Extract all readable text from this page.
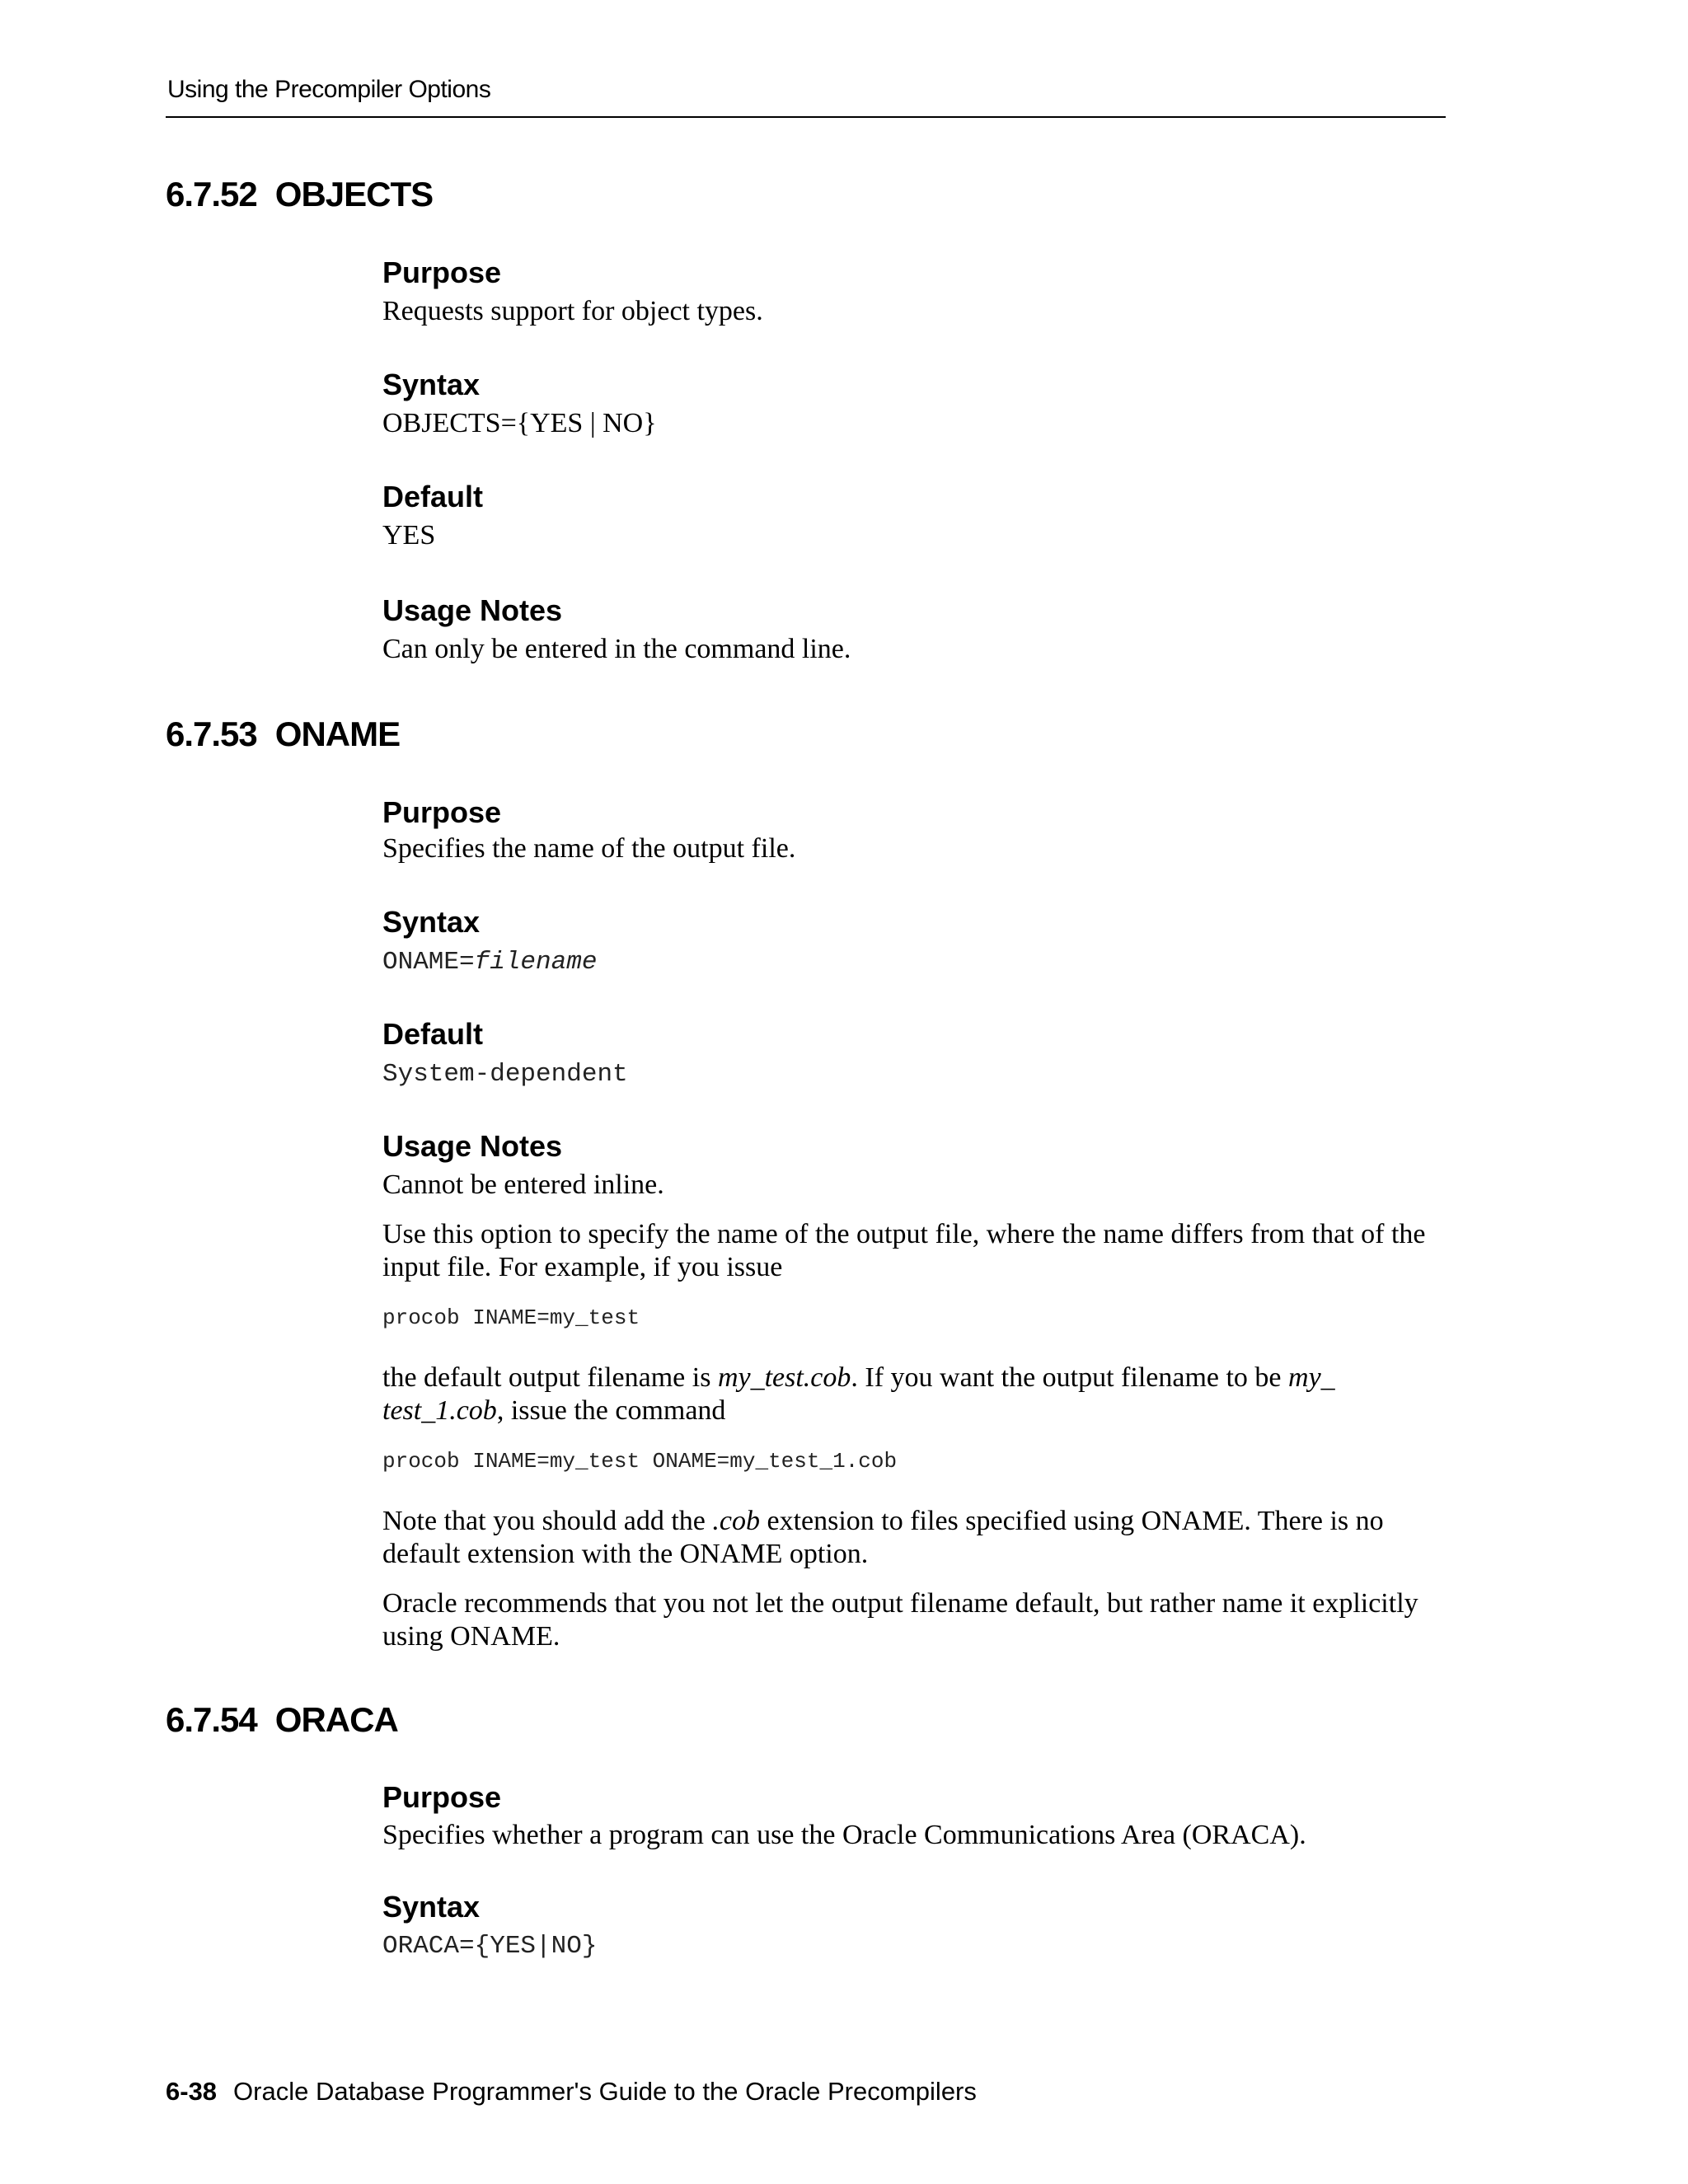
Using the Precompiler Options
6.7.52 OBJECTS
Purpose
Requests support for object types.
Syntax
OBJECTS={YES | NO}
Default
YES
Usage Notes
Can only be entered in the command line.
6.7.53 ONAME
Purpose
Specifies the name of the output file.
Syntax
ONAME=filename
Default
System-dependent
Usage Notes
Cannot be entered inline.
Use this option to specify the name of the output file, where the name differs from that of the input file. For example, if you issue
procob INAME=my_test
the default output filename is my_test.cob. If you want the output filename to be my_ test_1.cob, issue the command
procob INAME=my_test ONAME=my_test_1.cob
Note that you should add the .cob extension to files specified using ONAME. There is no default extension with the ONAME option.
Oracle recommends that you not let the output filename default, but rather name it explicitly using ONAME.
6.7.54 ORACA
Purpose
Specifies whether a program can use the Oracle Communications Area (ORACA).
Syntax
ORACA={YES|NO}
6-38 Oracle Database Programmer's Guide to the Oracle Precompilers
